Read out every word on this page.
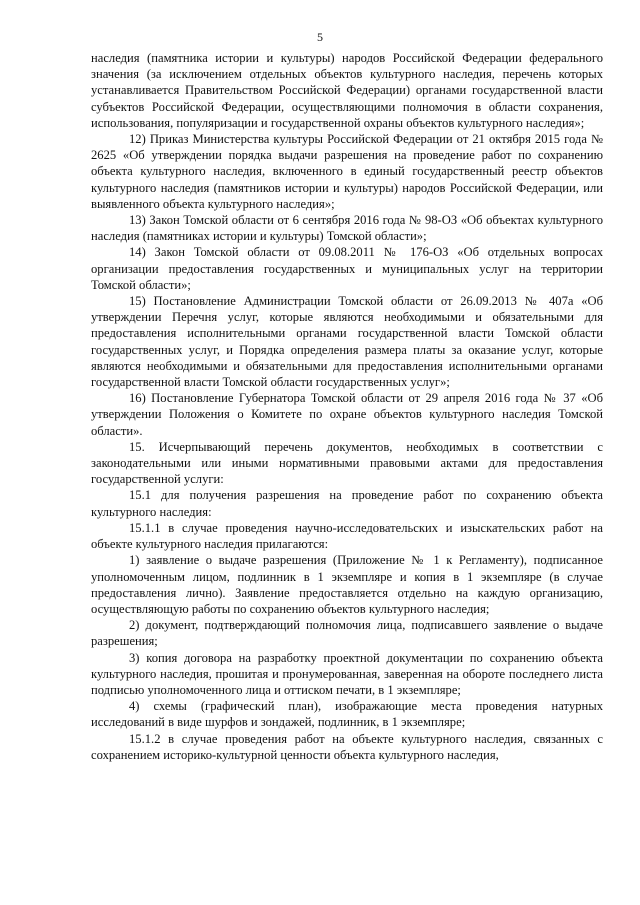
5

наследия (памятника истории и культуры) народов Российской Федерации федерального значения (за исключением отдельных объектов культурного наследия, перечень которых устанавливается Правительством Российской Федерации) органами государственной власти субъектов Российской Федерации, осуществляющими полномочия в области сохранения, использования, популяризации и государственной охраны объектов культурного наследия»;

12) Приказ Министерства культуры Российской Федерации от 21 октября 2015 года № 2625 «Об утверждении порядка выдачи разрешения на проведение работ по сохранению объекта культурного наследия, включенного в единый государственный реестр объектов культурного наследия (памятников истории и культуры) народов Российской Федерации, или выявленного объекта культурного наследия»;

13) Закон Томской области от 6 сентября 2016 года № 98-ОЗ «Об объектах культурного наследия (памятниках истории и культуры) Томской области»;

14) Закон Томской области от 09.08.2011 № 176-ОЗ «Об отдельных вопросах организации предоставления государственных и муниципальных услуг на территории Томской области»;

15) Постановление Администрации Томской области от 26.09.2013 № 407а «Об утверждении Перечня услуг, которые являются необходимыми и обязательными для предоставления исполнительными органами государственной власти Томской области государственных услуг, и Порядка определения размера платы за оказание услуг, которые являются необходимыми и обязательными для предоставления исполнительными органами государственной власти Томской области государственных услуг»;

16) Постановление Губернатора Томской области от 29 апреля 2016 года № 37 «Об утверждении Положения о Комитете по охране объектов культурного наследия Томской области».

15. Исчерпывающий перечень документов, необходимых в соответствии с законодательными или иными нормативными правовыми актами для предоставления государственной услуги:

15.1 для получения разрешения на проведение работ по сохранению объекта культурного наследия:

15.1.1 в случае проведения научно-исследовательских и изыскательских работ на объекте культурного наследия прилагаются:

1) заявление о выдаче разрешения (Приложение № 1 к Регламенту), подписанное уполномоченным лицом, подлинник в 1 экземпляре и копия в 1 экземпляре (в случае предоставления лично). Заявление предоставляется отдельно на каждую организацию, осуществляющую работы по сохранению объектов культурного наследия;

2) документ, подтверждающий полномочия лица, подписавшего заявление о выдаче разрешения;

3) копия договора на разработку проектной документации по сохранению объекта культурного наследия, прошитая и пронумерованная, заверенная на обороте последнего листа подписью уполномоченного лица и оттиском печати, в 1 экземпляре;

4) схемы (графический план), изображающие места проведения натурных исследований в виде шурфов и зондажей, подлинник, в 1 экземпляре;

15.1.2 в случае проведения работ на объекте культурного наследия, связанных с сохранением историко-культурной ценности объекта культурного наследия,
